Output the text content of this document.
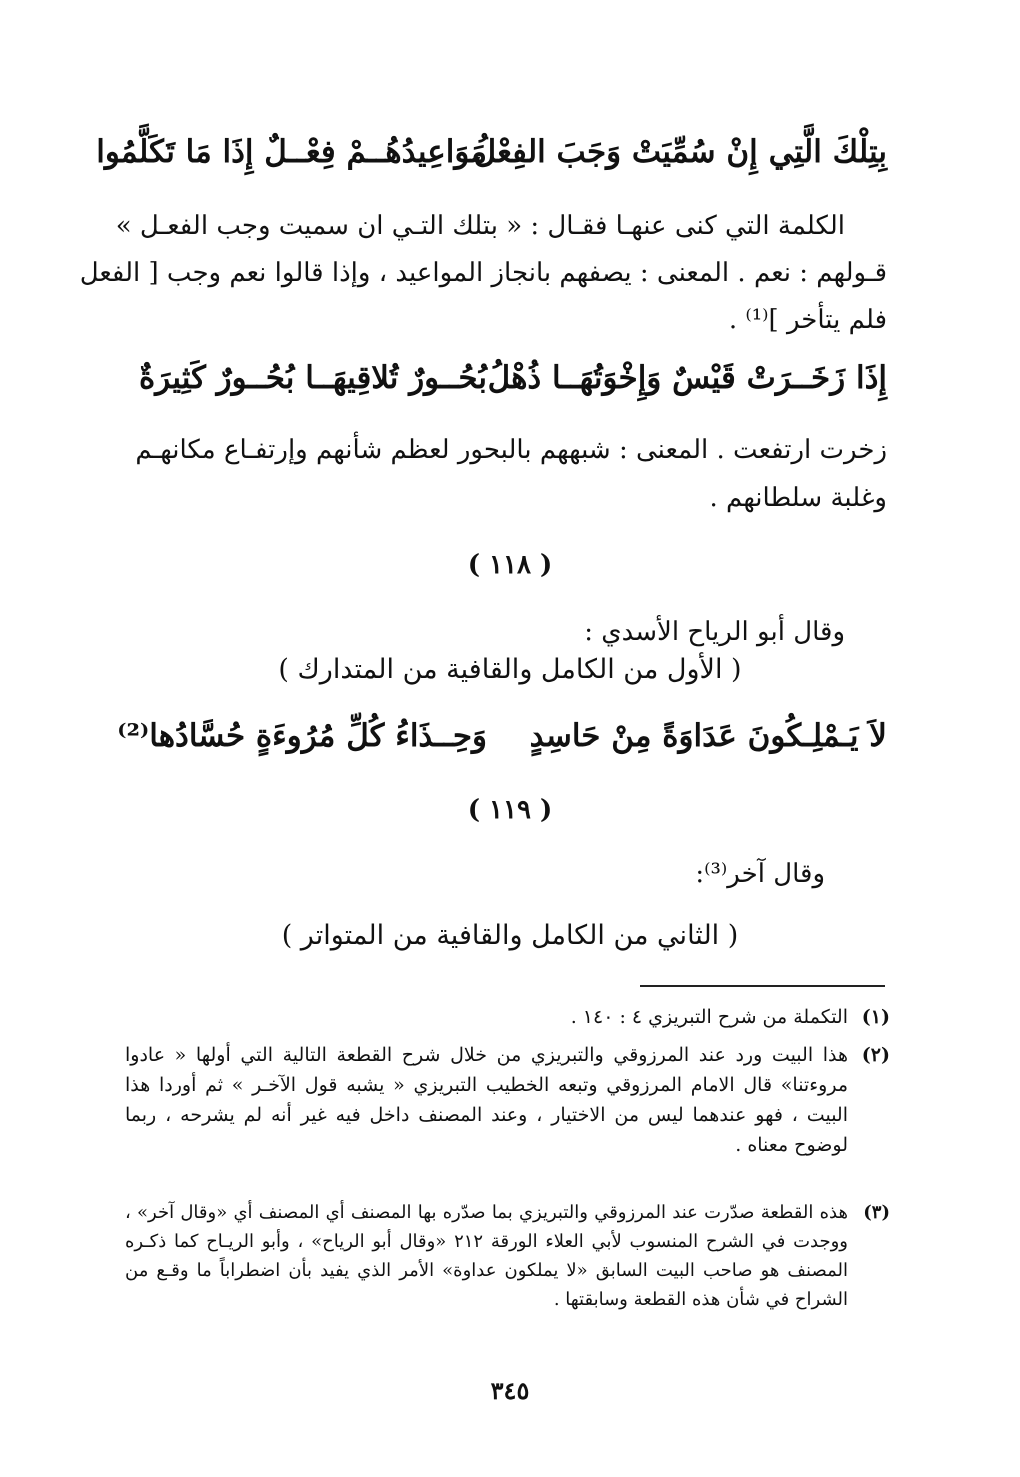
بِتِلْكَ الَّتِي إِنْ سُمِّيَتْ وَجَبَ الفِعْلُ
مَوَاعِيدُهُــمْ فِعْــلٌ إِذَا مَا تَكَلَّمُوا
الكلمة التي كنى عنهـا فقـال : « بتلك التـي ان سميت وجب الفعـل »
قـولهم : نعم . المعنى : يصفهم بانجاز المواعيد ، وإذا قالوا نعم وجب [ الفعل
فلم يتأخر ]⁽¹⁾ .
إِذَا زَخَــرَتْ قَيْسٌ وَإِخْوَتُهَــا ذُهْلُ
بُحُــورٌ تُلاقِيهَــا بُحُــورٌ كَثِيرَةٌ
زخرت ارتفعت . المعنى : شبههم بالبحور لعظم شأنهم وإرتفـاع مكانهـم
وغلبة سلطانهم .
( ١١٨ )
وقال أبو الرياح الأسدي :
( الأول من الكامل والقافية من المتدارك )
لاَ يَـمْلِـكُونَ عَدَاوَةً مِنْ حَاسِدٍ
وَحِــذَاءُ كُلِّ مُرُوءَةٍ حُسَّادُها⁽²⁾
( ١١٩ )
وقال آخر⁽³⁾:
( الثاني من الكامل والقافية من المتواتر )
(١)
التكملة من شرح التبريزي ٤ : ١٤٠ .
(٢)
هذا البيت ورد عند المرزوقي والتبريزي من خلال شرح القطعة التالية التي أولها « عادوا مروءتنا» قال الامام المرزوقي وتبعه الخطيب التبريزي « يشبه قول الآخـر » ثم أوردا هذا البيت ، فهو عندهما ليس من الاختيار ، وعند المصنف داخل فيه غير أنه لم يشرحه ، ربما لوضوح معناه .
(٣)
هذه القطعة صدّرت عند المرزوقي والتبريزي بما صدّره بها المصنف أي المصنف أي «وقال آخر» ، ووجدت في الشرح المنسوب لأبي العلاء الورقة ٢١٢ «وقال أبو الرياح» ، وأبو الريـاح كما ذكـره المصنف هو صاحب البيت السابق «لا يملكون عداوة» الأمر الذي يفيد بأن اضطراباً ما وقـع من الشراح في شأن هذه القطعة وسابقتها .
٣٤٥
